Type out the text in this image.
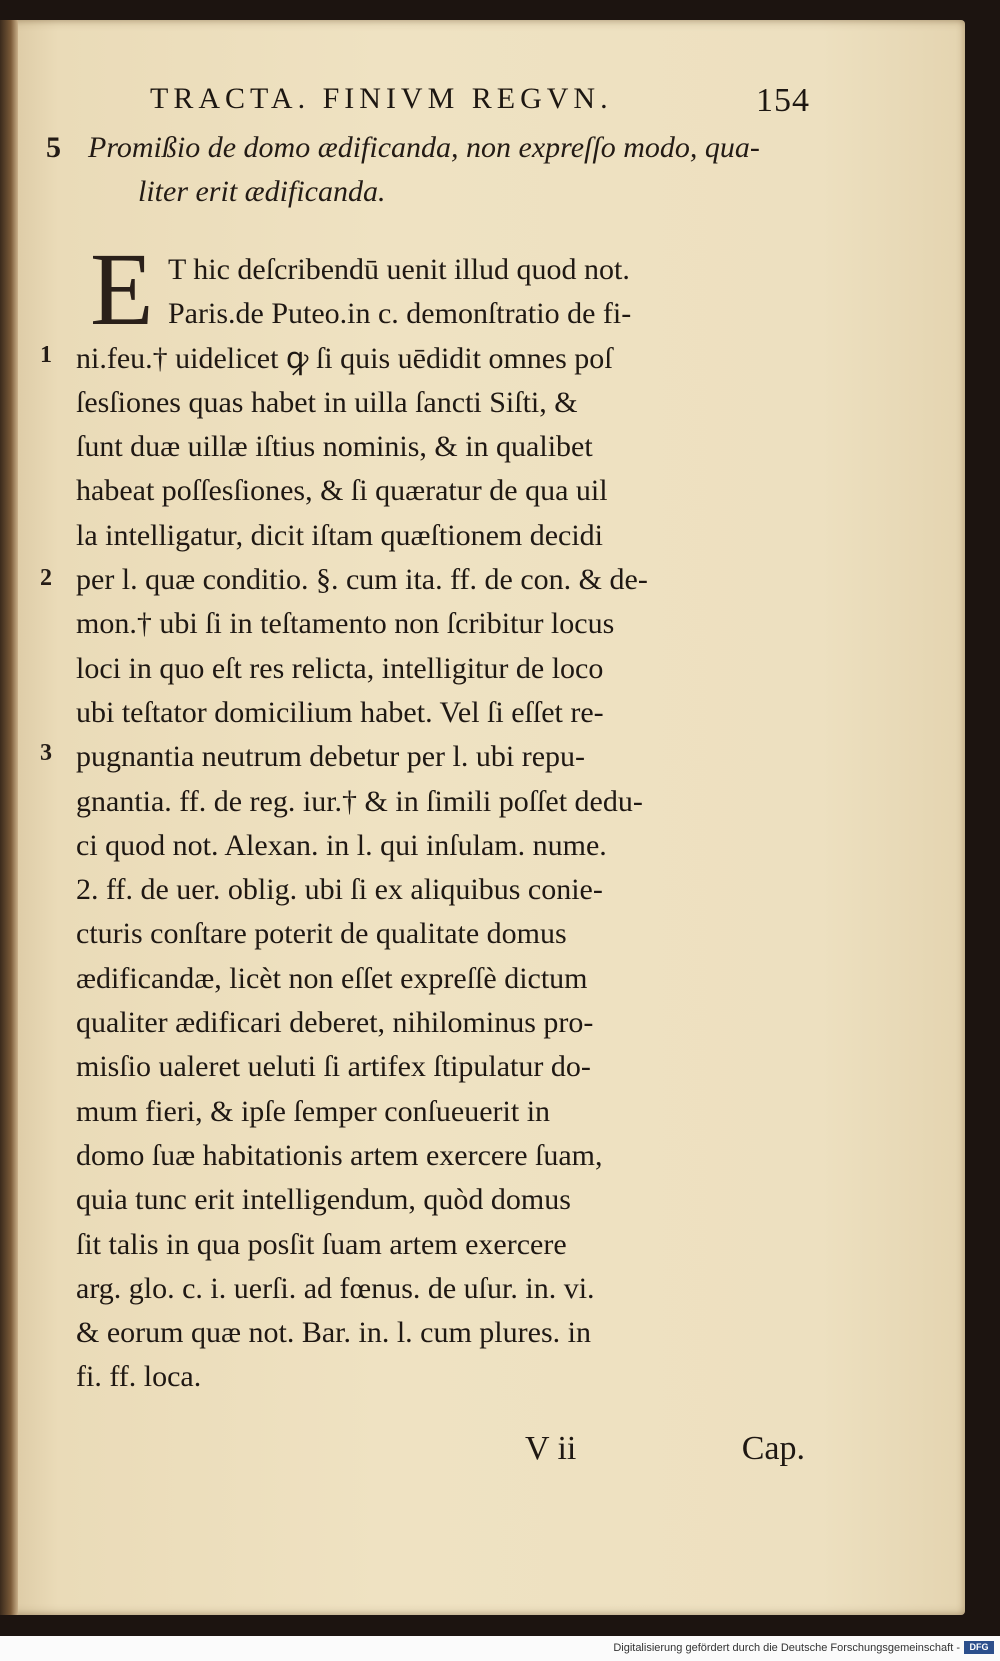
TRACTA. FINIVM REGVN.	154
5 Promißio de domo ædificanda, non expreſſo modo, qua-
liter erit ædificanda.
E T hic deſcribendū uenit illud quod not.
Paris.de Puteo.in c. demonſtratio de fi-
ni.feu.† uidelicet ꝙ ſi quis uēdidit omnes poſ
ſesſiones quas habet in uilla ſancti Siſti, &
ſunt duæ uillæ iſtius nominis, & in qualibet
habeat poſſesſiones, & ſi quæratur de qua uil
la intelligatur, dicit iſtam quæſtionem decidi
per l. quæ conditio. §. cum ita. ff. de con. & de-
mon.† ubi ſi in teſtamento non ſcribitur locus
loci in quo eſt res relicta, intelligitur de loco
ubi teſtator domicilium habet. Vel ſi eſſet re-
pugnantia neutrum debetur per l. ubi repu-
gnantia. ff. de reg. iur.† & in ſimili poſſet dedu-
ci quod not. Alexan. in l. qui inſulam. nume.
2. ff. de uer. oblig. ubi ſi ex aliquibus conie-
cturis conſtare poterit de qualitate domus
ædificandæ, licèt non eſſet expreſſè dictum
qualiter ædificari deberet, nihilominus pro-
misſio ualeret ueluti ſi artifex ſtipulatur do-
mum fieri, & ipſe ſemper conſueuerit in
domo ſuæ habitationis artem exercere ſuam,
quia tunc erit intelligendum, quòd domus
ſit talis in qua posſit ſuam artem exercere
arg. glo. c. i. uerſi. ad fœnus. de uſur. in. vi.
& eorum quæ not. Bar. in. l. cum plures. in
fi. ff. loca.
1
2
3
V ii	Cap.
Digitalisierung gefördert durch die Deutsche Forschungsgemeinschaft -	DFG
